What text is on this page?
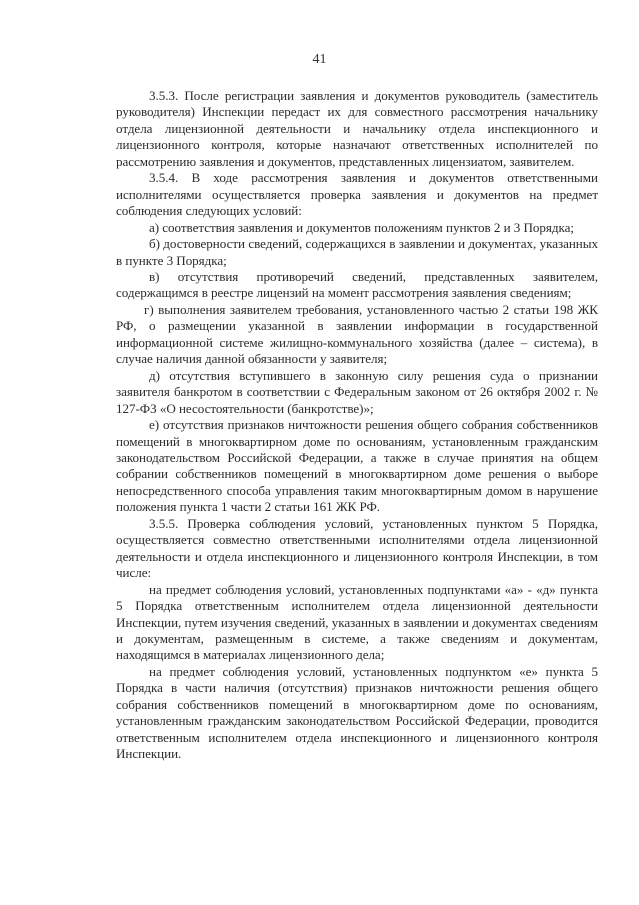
41

3.5.3. После регистрации заявления и документов руководитель (заместитель руководителя) Инспекции передаст их для совместного рассмотрения начальнику отдела лицензионной деятельности и начальнику отдела инспекционного и лицензионного контроля, которые назначают ответственных исполнителей по рассмотрению заявления и документов, представленных лицензиатом, заявителем.

3.5.4. В ходе рассмотрения заявления и документов ответственными исполнителями осуществляется проверка заявления и документов на предмет соблюдения следующих условий:

а) соответствия заявления и документов положениям пунктов 2 и 3 Порядка;

б) достоверности сведений, содержащихся в заявлении и документах, указанных в пункте 3 Порядка;

в) отсутствия противоречий сведений, представленных заявителем, содержащимся в реестре лицензий на момент рассмотрения заявления сведениям;

г) выполнения заявителем требования, установленного частью 2 статьи 198 ЖК РФ, о размещении указанной в заявлении информации в государственной информационной системе жилищно-коммунального хозяйства (далее – система), в случае наличия данной обязанности у заявителя;

д) отсутствия вступившего в законную силу решения суда о признании заявителя банкротом в соответствии с Федеральным законом от 26 октября 2002 г. № 127-ФЗ «О несостоятельности (банкротстве)»;

е) отсутствия признаков ничтожности решения общего собрания собственников помещений в многоквартирном доме по основаниям, установленным гражданским законодательством Российской Федерации, а также в случае принятия на общем собрании собственников помещений в многоквартирном доме решения о выборе непосредственного способа управления таким многоквартирным домом в нарушение положения пункта 1 части 2 статьи 161 ЖК РФ.

3.5.5. Проверка соблюдения условий, установленных пунктом 5 Порядка, осуществляется совместно ответственными исполнителями отдела лицензионной деятельности и отдела инспекционного и лицензионного контроля Инспекции, в том числе:

на предмет соблюдения условий, установленных подпунктами «а» - «д» пункта 5 Порядка ответственным исполнителем отдела лицензионной деятельности Инспекции, путем изучения сведений, указанных в заявлении и документах сведениям и документам, размещенным в системе, а также сведениям и документам, находящимся в материалах лицензионного дела;

на предмет соблюдения условий, установленных подпунктом «е» пункта 5 Порядка в части наличия (отсутствия) признаков ничтожности решения общего собрания собственников помещений в многоквартирном доме по основаниям, установленным гражданским законодательством Российской Федерации, проводится ответственным исполнителем отдела инспекционного и лицензионного контроля Инспекции.
